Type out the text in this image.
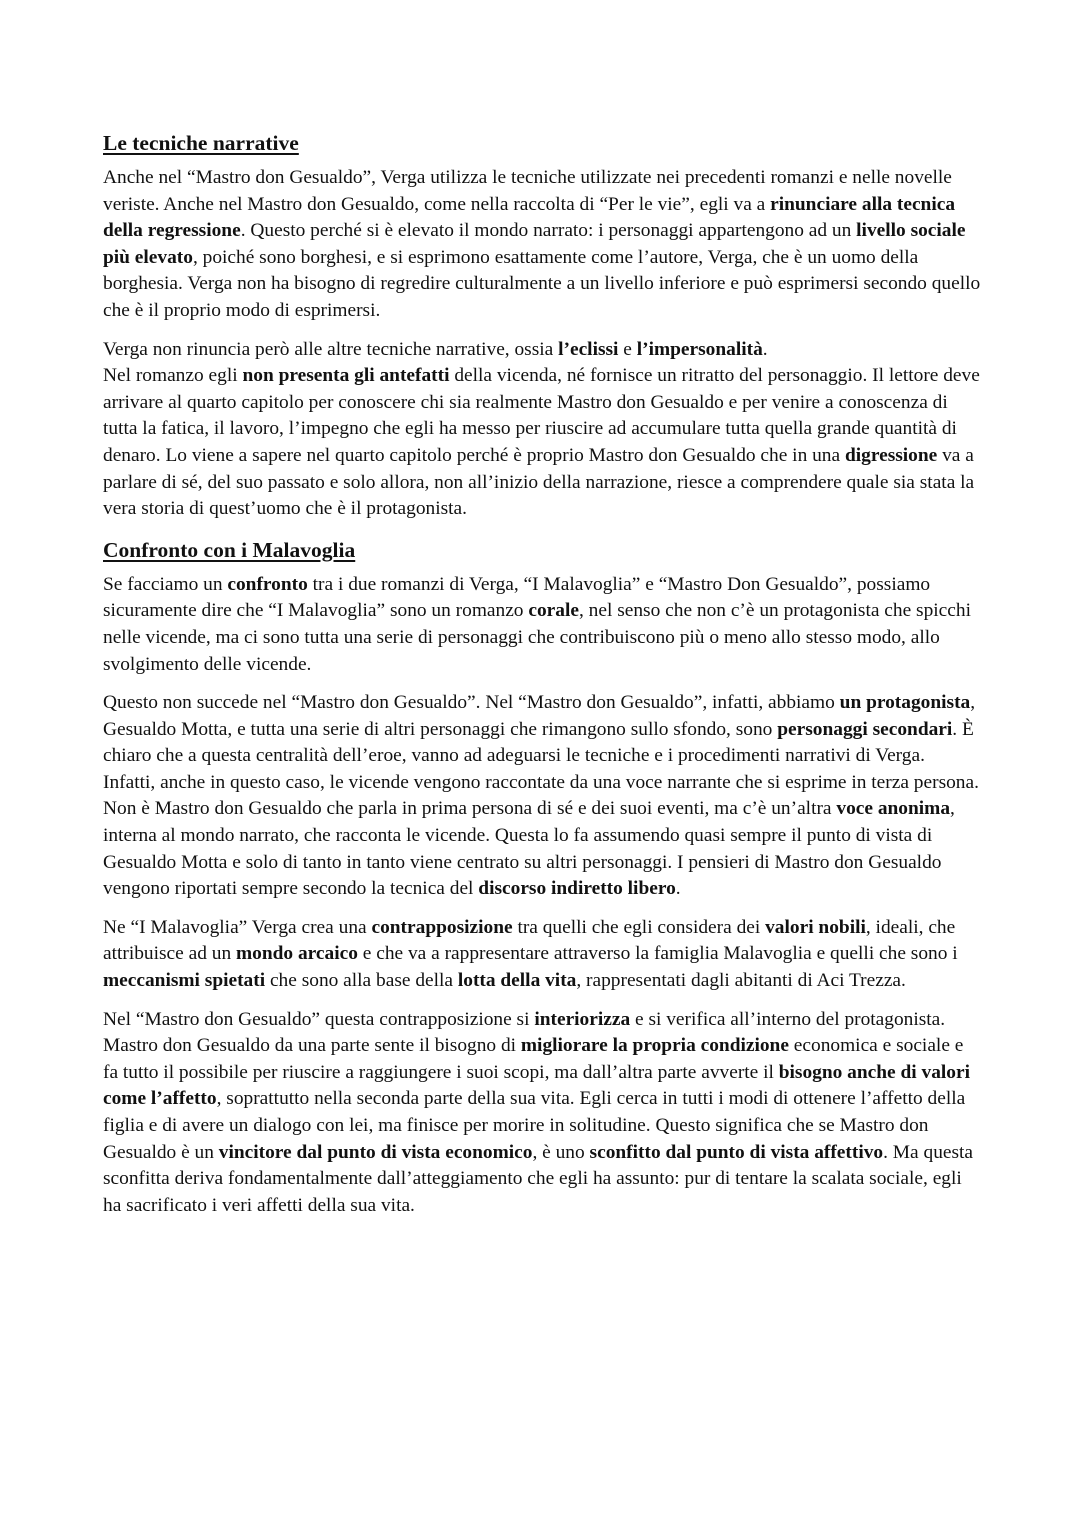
Le tecniche narrative

Anche nel “Mastro don Gesualdo”, Verga utilizza le tecniche utilizzate nei precedenti romanzi e nelle novelle veriste. Anche nel Mastro don Gesualdo, come nella raccolta di “Per le vie”, egli va a rinunciare alla tecnica della regressione. Questo perché si è elevato il mondo narrato: i personaggi appartengono ad un livello sociale più elevato, poiché sono borghesi, e si esprimono esattamente come l’autore, Verga, che è un uomo della borghesia. Verga non ha bisogno di regredire culturalmente a un livello inferiore e può esprimersi secondo quello che è il proprio modo di esprimersi.

Verga non rinuncia però alle altre tecniche narrative, ossia l’eclissi e l’impersonalità.

Nel romanzo egli non presenta gli antefatti della vicenda, né fornisce un ritratto del personaggio. Il lettore deve arrivare al quarto capitolo per conoscere chi sia realmente Mastro don Gesualdo e per venire a conoscenza di tutta la fatica, il lavoro, l’impegno che egli ha messo per riuscire ad accumulare tutta quella grande quantità di denaro. Lo viene a sapere nel quarto capitolo perché è proprio Mastro don Gesualdo che in una digressione va a parlare di sé, del suo passato e solo allora, non all’inizio della narrazione, riesce a comprendere quale sia stata la vera storia di quest’uomo che è il protagonista.

Confronto con i Malavoglia

Se facciamo un confronto tra i due romanzi di Verga, “I Malavoglia” e “Mastro Don Gesualdo”, possiamo sicuramente dire che “I Malavoglia” sono un romanzo corale, nel senso che non c’è un protagonista che spicchi nelle vicende, ma ci sono tutta una serie di personaggi che contribuiscono più o meno allo stesso modo, allo svolgimento delle vicende.

Questo non succede nel “Mastro don Gesualdo”. Nel “Mastro don Gesualdo”, infatti, abbiamo un protagonista, Gesualdo Motta, e tutta una serie di altri personaggi che rimangono sullo sfondo, sono personaggi secondari. È chiaro che a questa centralità dell’eroe, vanno ad adeguarsi le tecniche e i procedimenti narrativi di Verga.

Infatti, anche in questo caso, le vicende vengono raccontate da una voce narrante che si esprime in terza persona. Non è Mastro don Gesualdo che parla in prima persona di sé e dei suoi eventi, ma c’è un’altra voce anonima, interna al mondo narrato, che racconta le vicende. Questa lo fa assumendo quasi sempre il punto di vista di Gesualdo Motta e solo di tanto in tanto viene centrato su altri personaggi. I pensieri di Mastro don Gesualdo vengono riportati sempre secondo la tecnica del discorso indiretto libero.

Ne “I Malavoglia” Verga crea una contrapposizione tra quelli che egli considera dei valori nobili, ideali, che attribuisce ad un mondo arcaico e che va a rappresentare attraverso la famiglia Malavoglia e quelli che sono i meccanismi spietati che sono alla base della lotta della vita, rappresentati dagli abitanti di Aci Trezza.

Nel “Mastro don Gesualdo” questa contrapposizione si interiorizza e si verifica all’interno del protagonista. Mastro don Gesualdo da una parte sente il bisogno di migliorare la propria condizione economica e sociale e fa tutto il possibile per riuscire a raggiungere i suoi scopi, ma dall’altra parte avverte il bisogno anche di valori come l’affetto, soprattutto nella seconda parte della sua vita. Egli cerca in tutti i modi di ottenere l’affetto della figlia e di avere un dialogo con lei, ma finisce per morire in solitudine. Questo significa che se Mastro don Gesualdo è un vincitore dal punto di vista economico, è uno sconfitto dal punto di vista affettivo. Ma questa sconfitta deriva fondamentalmente dall’atteggiamento che egli ha assunto: pur di tentare la scalata sociale, egli ha sacrificato i veri affetti della sua vita.
